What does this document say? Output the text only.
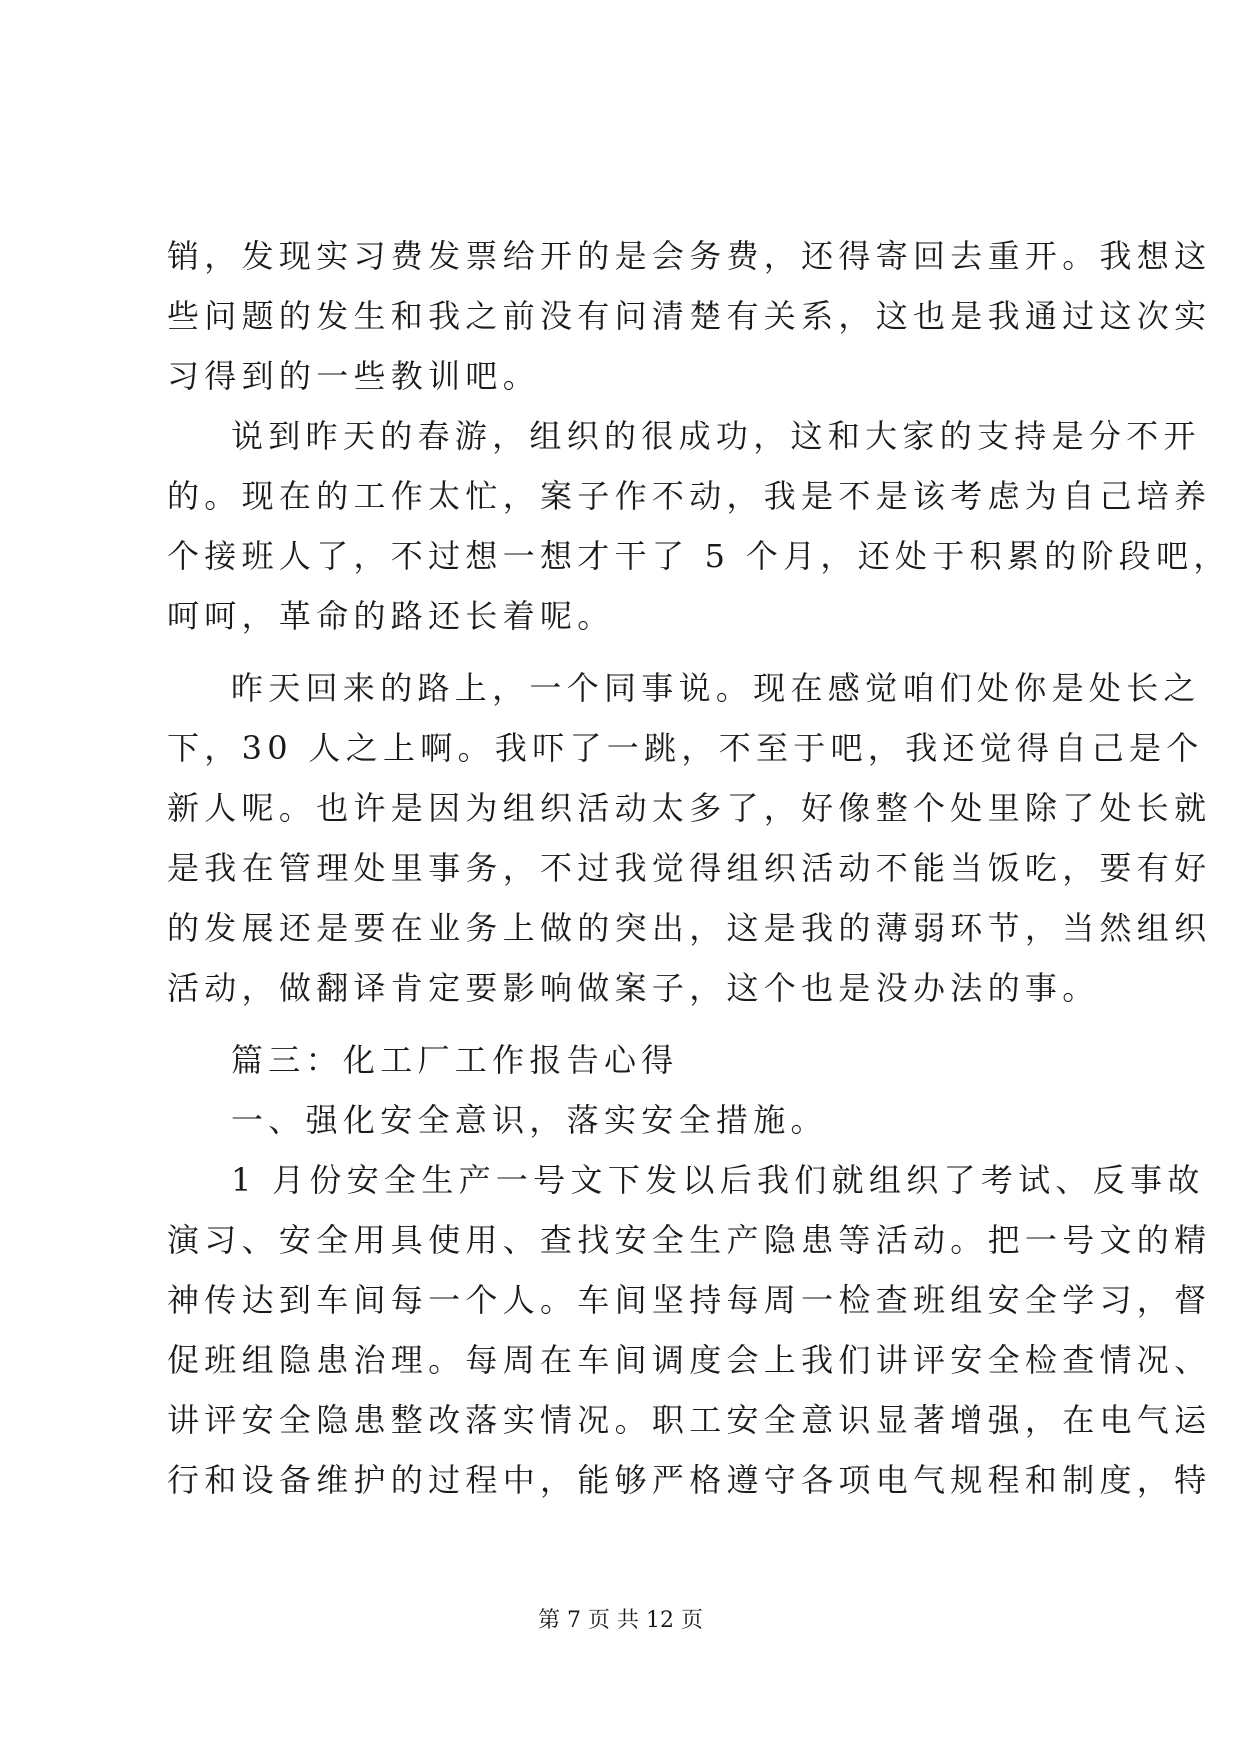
销，发现实习费发票给开的是会务费，还得寄回去重开。我想这
些问题的发生和我之前没有问清楚有关系，这也是我通过这次实
习得到的一些教训吧。
说到昨天的春游，组织的很成功，这和大家的支持是分不开
的。现在的工作太忙，案子作不动，我是不是该考虑为自己培养
个接班人了，不过想一想才干了 5 个月，还处于积累的阶段吧，
呵呵，革命的路还长着呢。
昨天回来的路上，一个同事说。现在感觉咱们处你是处长之
下，30 人之上啊。我吓了一跳，不至于吧，我还觉得自己是个
新人呢。也许是因为组织活动太多了，好像整个处里除了处长就
是我在管理处里事务，不过我觉得组织活动不能当饭吃，要有好
的发展还是要在业务上做的突出，这是我的薄弱环节，当然组织
活动，做翻译肯定要影响做案子，这个也是没办法的事。
篇三：化工厂工作报告心得
一、强化安全意识，落实安全措施。
1 月份安全生产一号文下发以后我们就组织了考试、反事故
演习、安全用具使用、查找安全生产隐患等活动。把一号文的精
神传达到车间每一个人。车间坚持每周一检查班组安全学习，督
促班组隐患治理。每周在车间调度会上我们讲评安全检查情况、
讲评安全隐患整改落实情况。职工安全意识显著增强，在电气运
行和设备维护的过程中，能够严格遵守各项电气规程和制度，特
第 7 页 共 12 页
